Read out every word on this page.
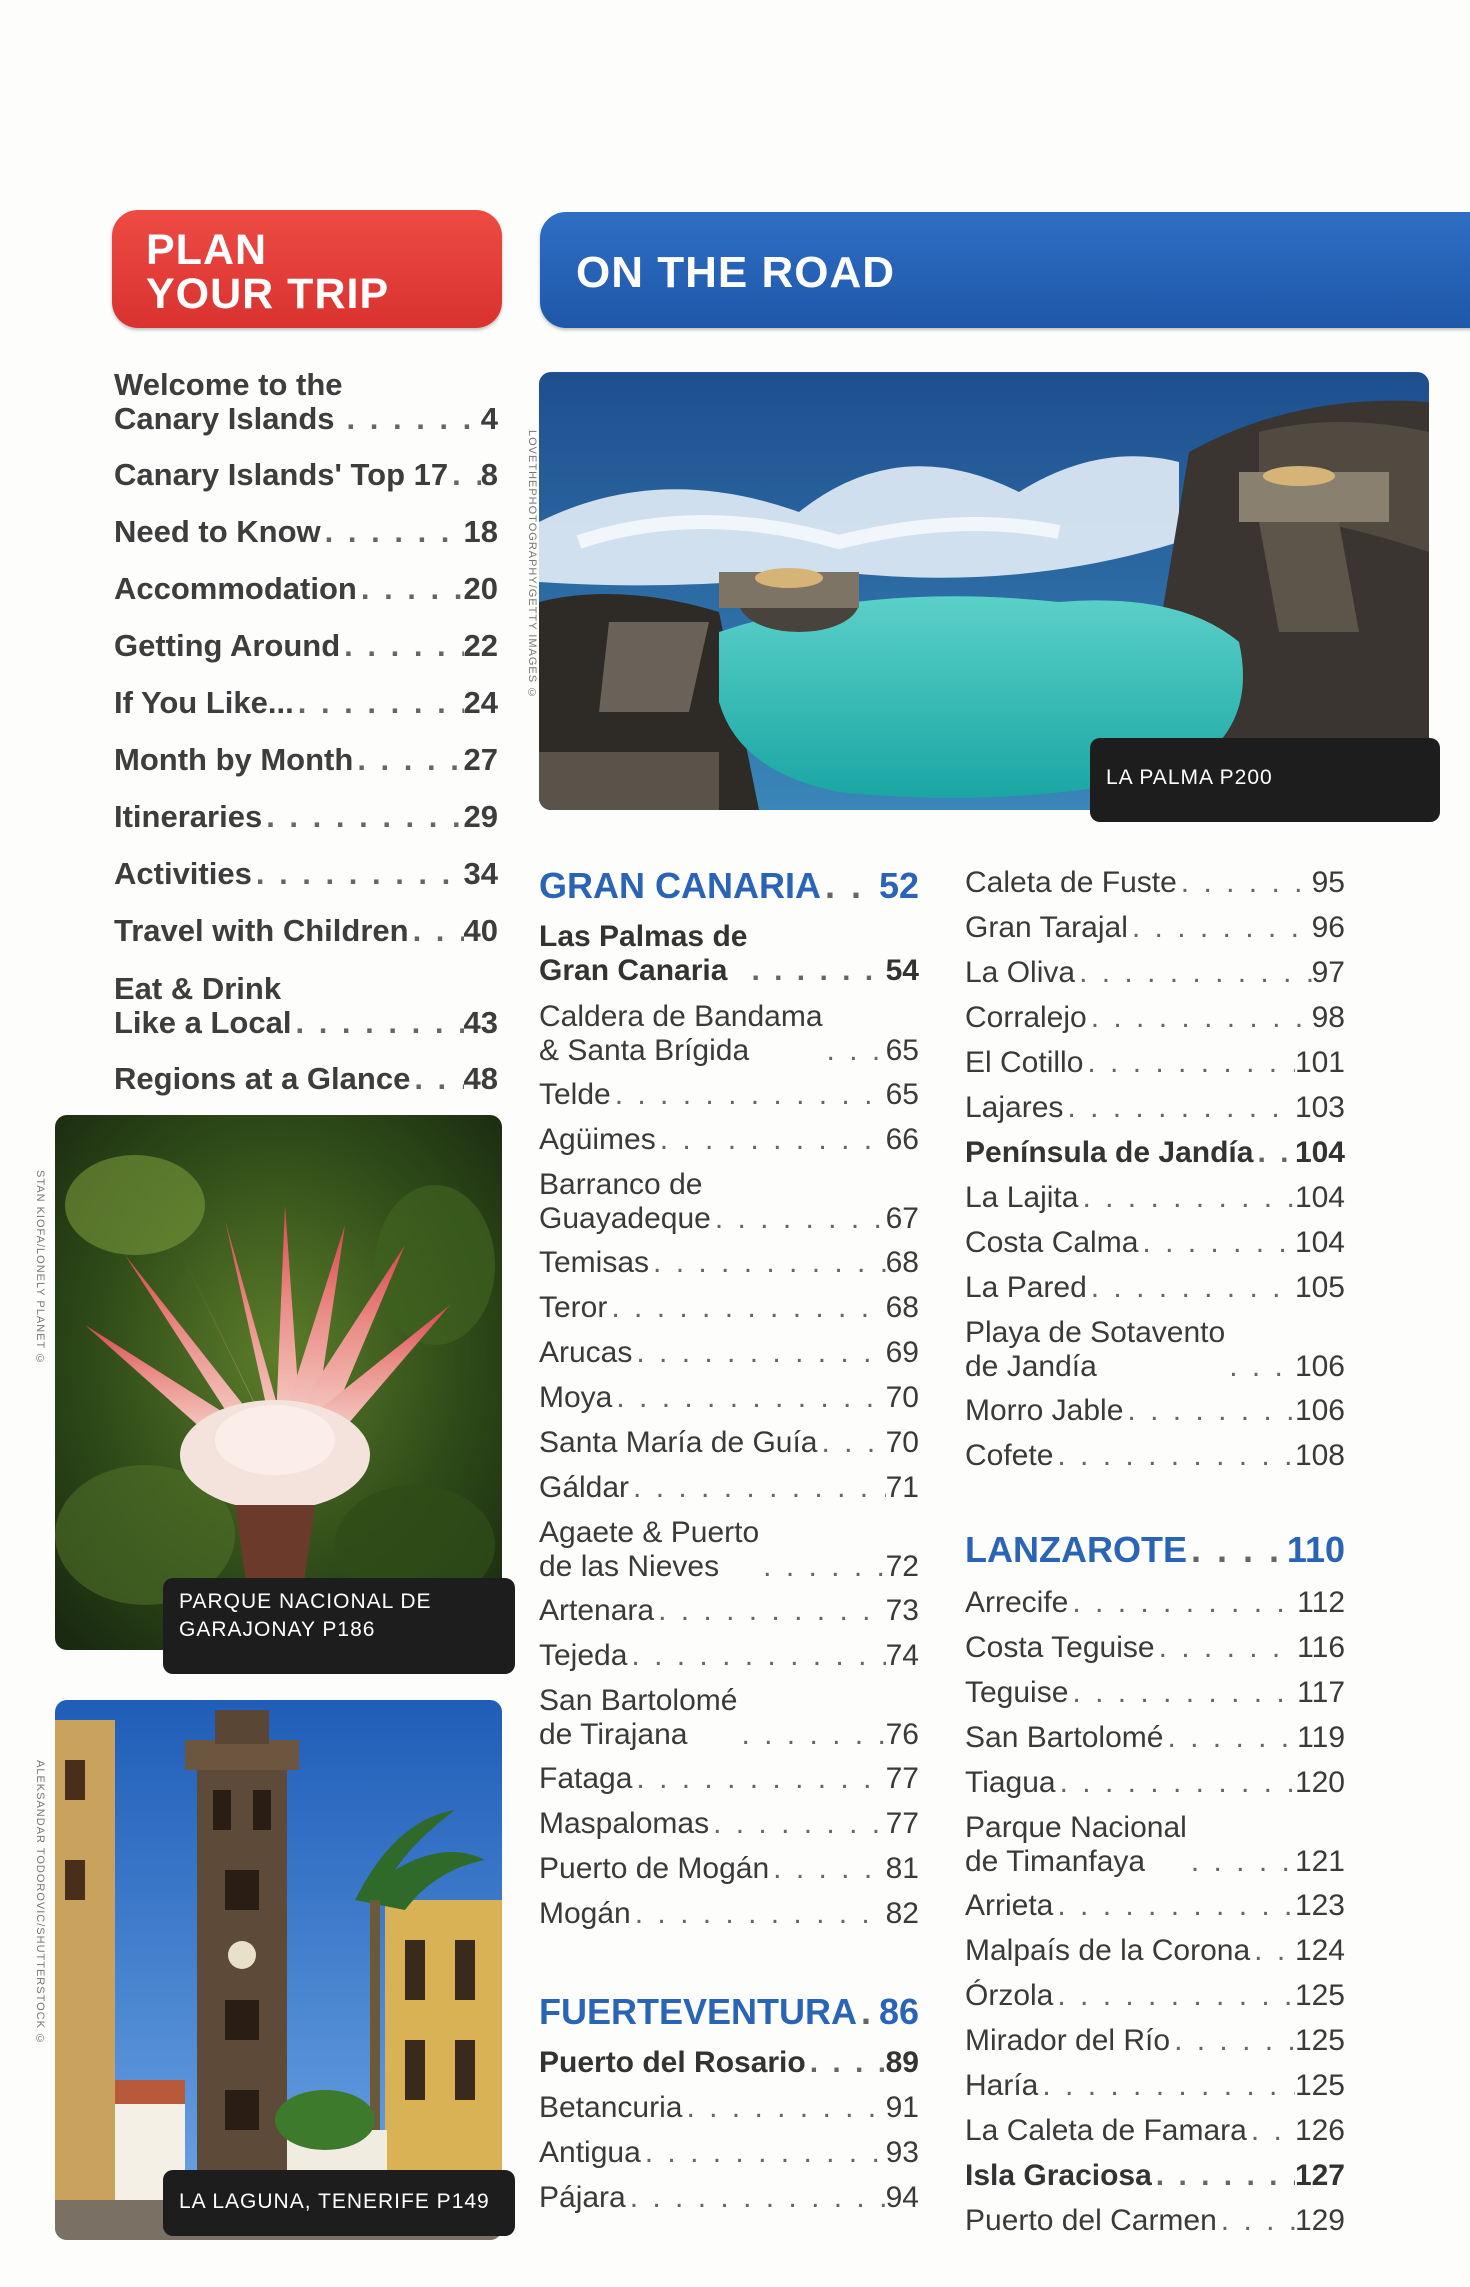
PLAN
YOUR TRIP	ON THE ROAD
Welcome to the
Canary Islands . . .	4
Canary Islands' Top 17 . . . 8
Need to Know . . .	18
Accommodation . . .	20
Getting Around . . .	22
If You Like... . . .	24
Month by Month . . .	27
Itineraries . . .	29
Activities . . .	34
Travel with Children . . . 40
Eat & Drink
Like a Local . . .	43
Regions at a Glance . . . 48
PARQUE NACIONAL DE
GARAJONAY P186
STAN KIOFA/LONELY PLANET ©
LA LAGUNA, TENERIFE P149
ALEKSANDAR TODOROVIC/SHUTTERSTOCK ©
LA PALMA P200
LOVETHEPHOTOGRAPHY/GETTY IMAGES ©
GRAN CANARIA . . . 52
Las Palmas de
Gran Canaria . . .	54
Caldera de Bandama
& Santa Brígida . . .	65
Telde . . .	65
Agüimes . . .	66
Barranco de
Guayadeque . . .	67
Temisas . . .	68
Teror . . .	68
Arucas . . .	69
Moya . . .	70
Santa María de Guía . . . 70
Gáldar . . .	71
Agaete & Puerto
de las Nieves . . .	72
Artenara . . .	73
Tejeda . . .	74
San Bartolomé
de Tirajana . . .	76
Fataga . . .	77
Maspalomas . . .	77
Puerto de Mogán . . .	81
Mogán . . .	82
FUERTEVENTURA . . . 86
Puerto del Rosario . . .	89
Betancuria . . .	91
Antigua . . .	93
Pájara . . .	94
Caleta de Fuste . . .	95
Gran Tarajal . . .	96
La Oliva . . .	97
Corralejo . . .	98
El Cotillo . . .	101
Lajares . . .	103
Península de Jandía . . . 104
La Lajita . . .	104
Costa Calma . . .	104
La Pared . . .	105
Playa de Sotavento
de Jandía . . .	106
Morro Jable . . .	106
Cofete . . .	108
LANZAROTE . . .	110
Arrecife . . .	112
Costa Teguise . . .	116
Teguise . . .	117
San Bartolomé . . .	119
Tiagua . . .	120
Parque Nacional
de Timanfaya . . .	121
Arrieta . . .	123
Malpaís de la Corona . . . 124
Órzola . . .	125
Mirador del Río . . .	125
Haría . . .	125
La Caleta de Famara . . . 126
Isla Graciosa . . .	127
Puerto del Carmen . . .	129
